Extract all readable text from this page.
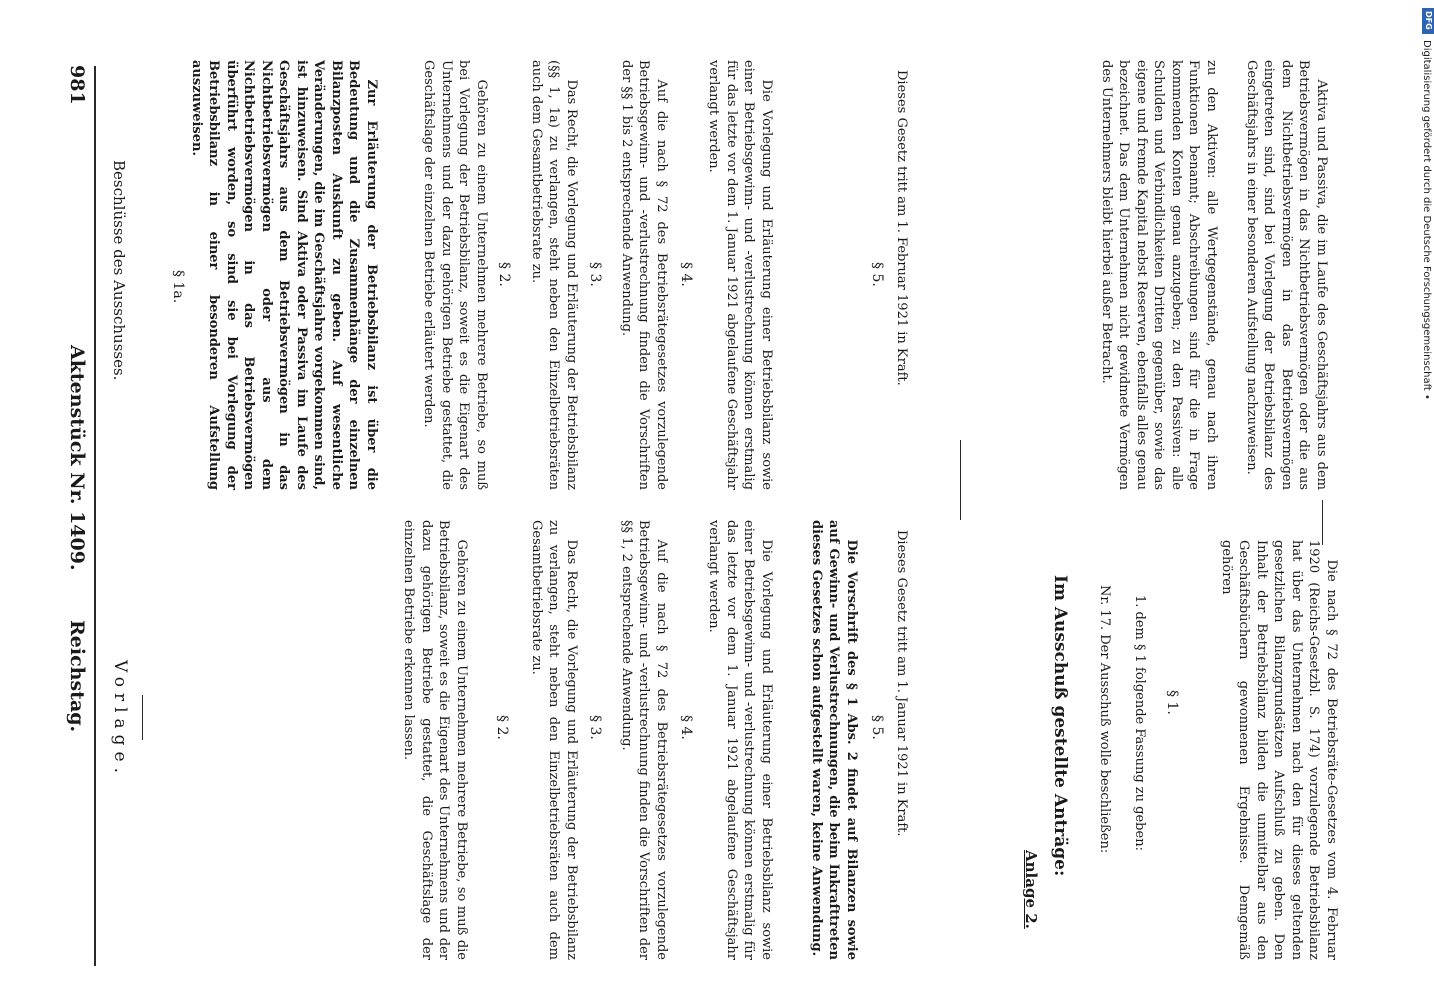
Reichstag.
Aktenstück Nr. 1409.
981
Vorlage.
Beschlüsse des Ausschusses.
Gehören zu einem Unternehmen mehrere Betriebe, so muß die Betriebsbilanz, soweit es die Eigenart des Unternehmens und der dazu gehörigen Betriebe gestattet, die Geschäftslage der einzelnen Betriebe erkennen lassen.	§ 2.	Das Recht, die Vorlegung und Erläuterung der Betriebsbilanz zu verlangen, steht neben den Einzelbetriebsräten auch dem Gesamtbetriebsrate zu.
§ 3.	Auf die nach § 72 des Betriebsrätegesetzes vorzulegende Betriebsgewinn- und -verlustrechnung finden die Vorschriften der §§ 1, 2 entsprechende Anwendung.	§ 4.	Die Vorlegung und Erläuterung einer Betriebsbilanz sowie einer Betriebsgewinn- und -verlustrechnung können erstmalig für das letzte vor dem 1. Januar 1921 abgelaufene Geschäftsjahr verlangt werden.	Die Vorschrift des § 1 Abs. 2 findet auf Bilanzen sowie auf Gewinn- und Verlustrechnungen, die beim Inkrafttreten dieses Gesetzes schon aufgestellt waren, keine Anwendung.	§ 5. Dieses Gesetz tritt am 1. Januar 1921 in Kraft.
§ 1a.	Zur Erläuterung der Betriebsbilanz ist über die Bedeutung und die Zusammenhänge der einzelnen Bilanzposten Auskunft zu geben. Auf wesentliche Veränderungen, die im Geschäftsjahre vorgekommen sind, ist hinzuweisen. Sind Aktiva oder Passiva im Laufe des Geschäftsjahrs aus dem Betriebsvermögen in das Nichtbetriebsvermögen oder aus dem Nichtbetriebsvermögen in das Betriebsvermögen überführt worden, so sind sie bei Vorlegung der Betriebsbilanz in einer besonderen Aufstellung auszuweisen.	Gehören zu einem Unternehmen mehrere Betriebe, so muß bei Vorlegung der Betriebsbilanz, soweit es die Eigenart des Unternehmens und der dazu gehörigen Betriebe gestattet, die Geschäftslage der einzelnen Betriebe erläutert werden.	§ 2.	Das Recht, die Vorlegung und Erläuterung der Betriebsbilanz (§§ 1, 1a) zu verlangen, steht neben den Einzelbetriebsräten auch dem Gesamtbetriebsrate zu.	§ 3.	Auf die nach § 72 des Betriebsrätegesetzes vorzulegende Betriebsgewinn- und -verlustrechnung finden die Vorschriften der §§ 1 bis 2 entsprechende Anwendung.	§ 4.	Die Vorlegung und Erläuterung einer Betriebsbilanz sowie einer Betriebsgewinn- und -verlustrechnung können erstmalig für das letzte vor dem 1. Januar 1921 abgelaufene Geschäftsjahr verlangt werden.
§ 5. Dieses Gesetz tritt am 1. Februar 1921 in Kraft.
Anlage 2.
Im Ausschuß gestellte Anträge: Nr. 17. Der Ausschuß wolle beschließen: 1. dem § 1 folgende Fassung zu geben: § 1.	Die nach § 72 des Betriebsräte-Gesetzes vom 4. Februar 1920 (Reichs-Gesetzbl. S. 174) vorzulegende Betriebsbilanz hat über das Unternehmen nach den für dieses geltenden gesetzlichen Bilanzgrundsätzen Aufschluß zu geben. Den Inhalt der Betriebsbilanz bilden die unmittelbar aus den Geschäftsbüchern gewonnenen Ergebnisse. Demgemäß gehören
zu den Aktiven: alle Wertgegenstände, genau nach ihren Funktionen benannt; Abschreibungen sind für die in Frage kommenden Konten genau anzugeben; zu den Passiven: alle Schulden und Verbindlichkeiten Dritten gegenüber, sowie das eigene und fremde Kapital nebst Reserven, ebenfalls alles genau bezeichnet. Das dem Unternehmen nicht gewidmete Vermögen des Unternehmers bleibt hierbei außer Betracht.	Aktiva und Passiva, die im Laufe des Geschäftsjahrs aus dem Betriebsvermögen in das Nichtbetriebsvermögen oder die aus dem Nichtbetriebsvermögen in das Betriebsvermögen eingetreten sind, sind bei Vorlegung der Betriebsbilanz des Geschäftsjahrs in einer besonderen Aufstellung nachzuweisen.	Digitalisierung gefördert durch die Deutsche Forschungsgemeinschaft •
DFG
